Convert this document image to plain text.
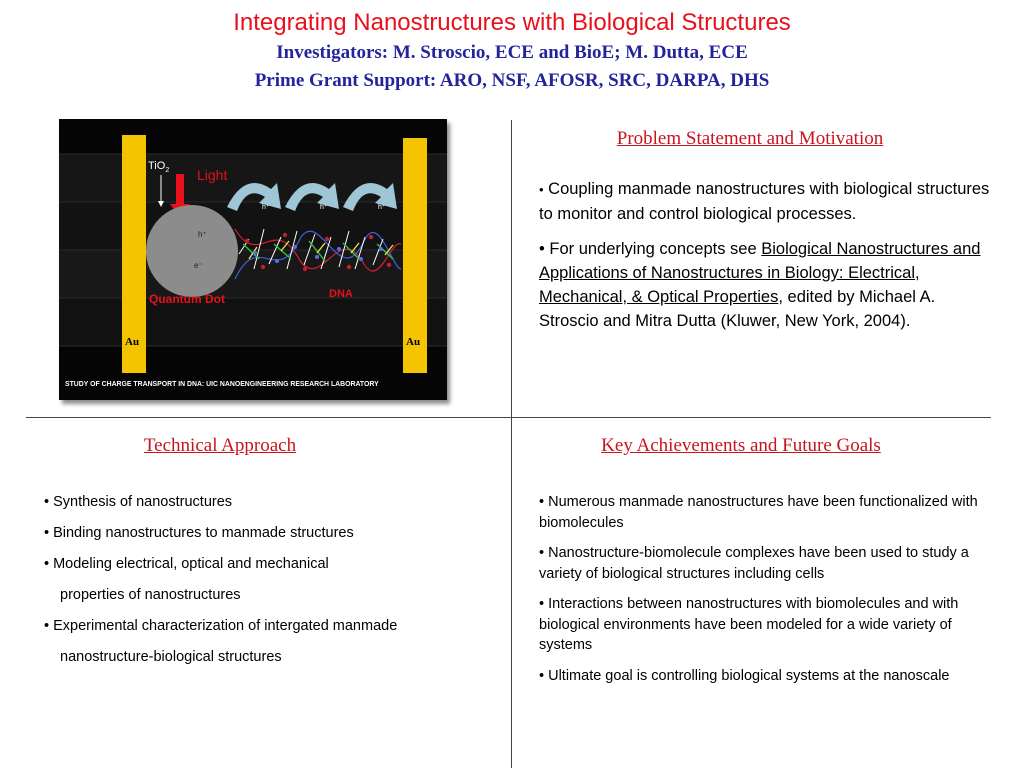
Integrating Nanostructures with Biological Structures
Investigators: M. Stroscio, ECE and BioE; M. Dutta, ECE
Prime Grant Support: ARO, NSF, AFOSR, SRC, DARPA, DHS
Au	Au
TiO$_2$ Light
h⁺
e⁻
Quantum Dot
h⁺	h⁺	h⁺
DNA
STUDY OF CHARGE TRANSPORT IN DNA: UIC NANOENGINEERING RESEARCH LABORATORY
Problem Statement and Motivation

• Coupling manmade nanostructures with biological structures to monitor and control biological processes.

• For underlying concepts see Biological Nanostructures and Applications of Nanostructures in Biology: Electrical, Mechanical, & Optical Properties, edited by Michael A. Stroscio and Mitra Dutta (Kluwer, New York, 2004).

Technical Approach

• Synthesis of nanostructures

• Binding nanostructures to manmade structures

• Modeling electrical, optical and mechanical

properties of nanostructures

• Experimental characterization of intergated manmade

nanostructure-biological structures

Key Achievements and Future Goals

• Numerous manmade nanostructures have been functionalized with biomolecules

• Nanostructure-biomolecule complexes have been used to study a variety of biological structures including cells

• Interactions between nanostructures with biomolecules and with biological environments have been modeled for a wide variety of systems

• Ultimate goal is controlling biological systems at the nanoscale
